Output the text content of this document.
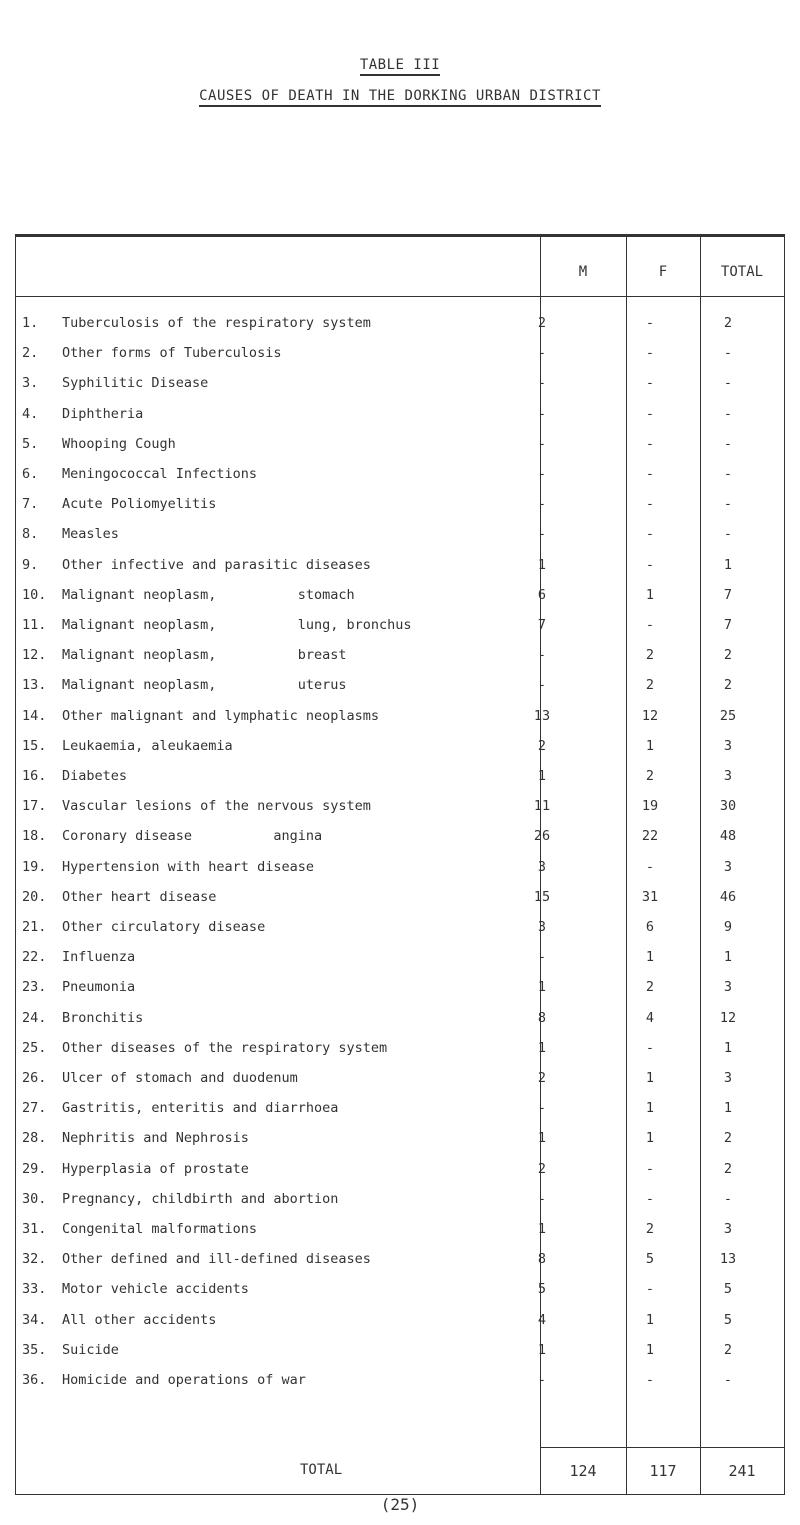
TABLE III
CAUSES OF DEATH IN THE DORKING URBAN DISTRICT
M	F	TOTAL
1.	Tuberculosis of the respiratory system	2	-	2
2.	Other forms of Tuberculosis	-	-	-
3.	Syphilitic Disease	-	-	-
4.	Diphtheria	-	-	-
5.	Whooping Cough	-	-	-
6.	Meningococcal Infections	-	-	-
7.	Acute Poliomyelitis	-	-	-
8.	Measles	-	-	-
9.	Other infective and parasitic diseases	1	-	1
10.	Malignant neoplasm,          stomach	6	1	7
11.	Malignant neoplasm,          lung, bronchus	7	-	7
12.	Malignant neoplasm,          breast	-	2	2
13.	Malignant neoplasm,          uterus	-	2	2
14.	Other malignant and lymphatic neoplasms	13	12	25
15.	Leukaemia, aleukaemia	2	1	3
16.	Diabetes	1	2	3
17.	Vascular lesions of the nervous system	11	19	30
18.	Coronary disease          angina	26	22	48
19.	Hypertension with heart disease	3	-	3
20.	Other heart disease	15	31	46
21.	Other circulatory disease	3	6	9
22.	Influenza	-	1	1
23.	Pneumonia	1	2	3
24.	Bronchitis	8	4	12
25.	Other diseases of the respiratory system	1	-	1
26.	Ulcer of stomach and duodenum	2	1	3
27.	Gastritis, enteritis and diarrhoea	-	1	1
28.	Nephritis and Nephrosis	1	1	2
29.	Hyperplasia of prostate	2	-	2
30.	Pregnancy, childbirth and abortion	-	-	-
31.	Congenital malformations	1	2	3
32.	Other defined and ill-defined diseases	8	5	13
33.	Motor vehicle accidents	5	-	5
34.	All other accidents	4	1	5
35.	Suicide	1	1	2
36.	Homicide and operations of war	-	-	-
TOTAL	124	117	241
(25)
